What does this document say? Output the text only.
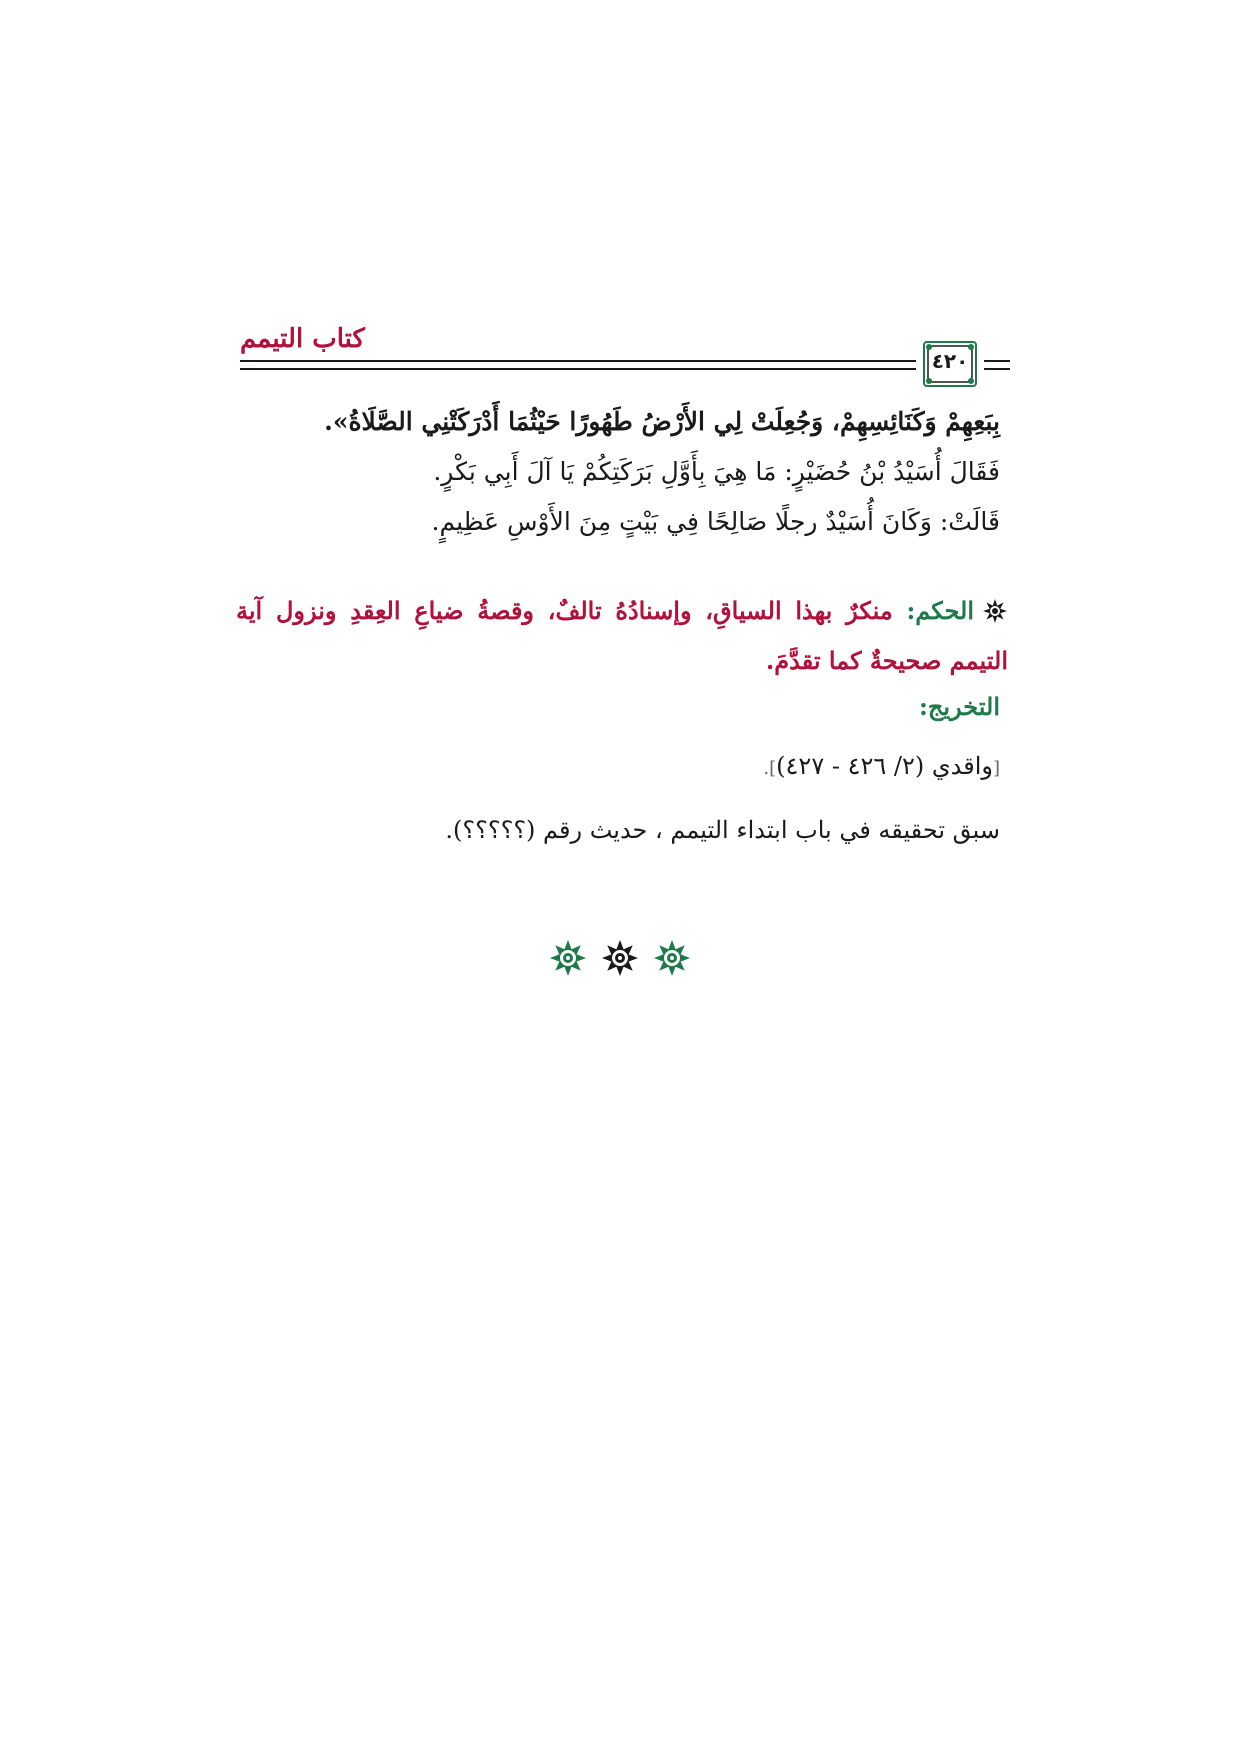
كتاب التيمم
٤٢٠
بِبَعِهِمْ وَكَنَائِسِهِمْ، وَجُعِلَتْ لِي الأَرْضُ طَهُورًا حَيْثُمَا أَدْرَكَتْنِي الصَّلَاةُ».
فَقَالَ أُسَيْدُ بْنُ حُضَيْرٍ: مَا هِيَ بِأَوَّلِ بَرَكَتِكُمْ يَا آلَ أَبِي بَكْرٍ.
قَالَتْ: وَكَانَ أُسَيْدٌ رجلًا صَالِحًا فِي بَيْتٍ مِنَ الأَوْسِ عَظِيمٍ.
الحكم: منكرٌ بهذا السياقِ، وإسنادُهُ تالفٌ، وقصةُ ضياعِ العِقدِ ونزول آية التيمم صحيحةٌ كما تقدَّمَ.
التخريج:
[واقدي (٢/ ٤٢٦ - ٤٢٧)].
سبق تحقيقه في باب ابتداء التيمم ، حديث رقم (؟؟؟؟؟).
